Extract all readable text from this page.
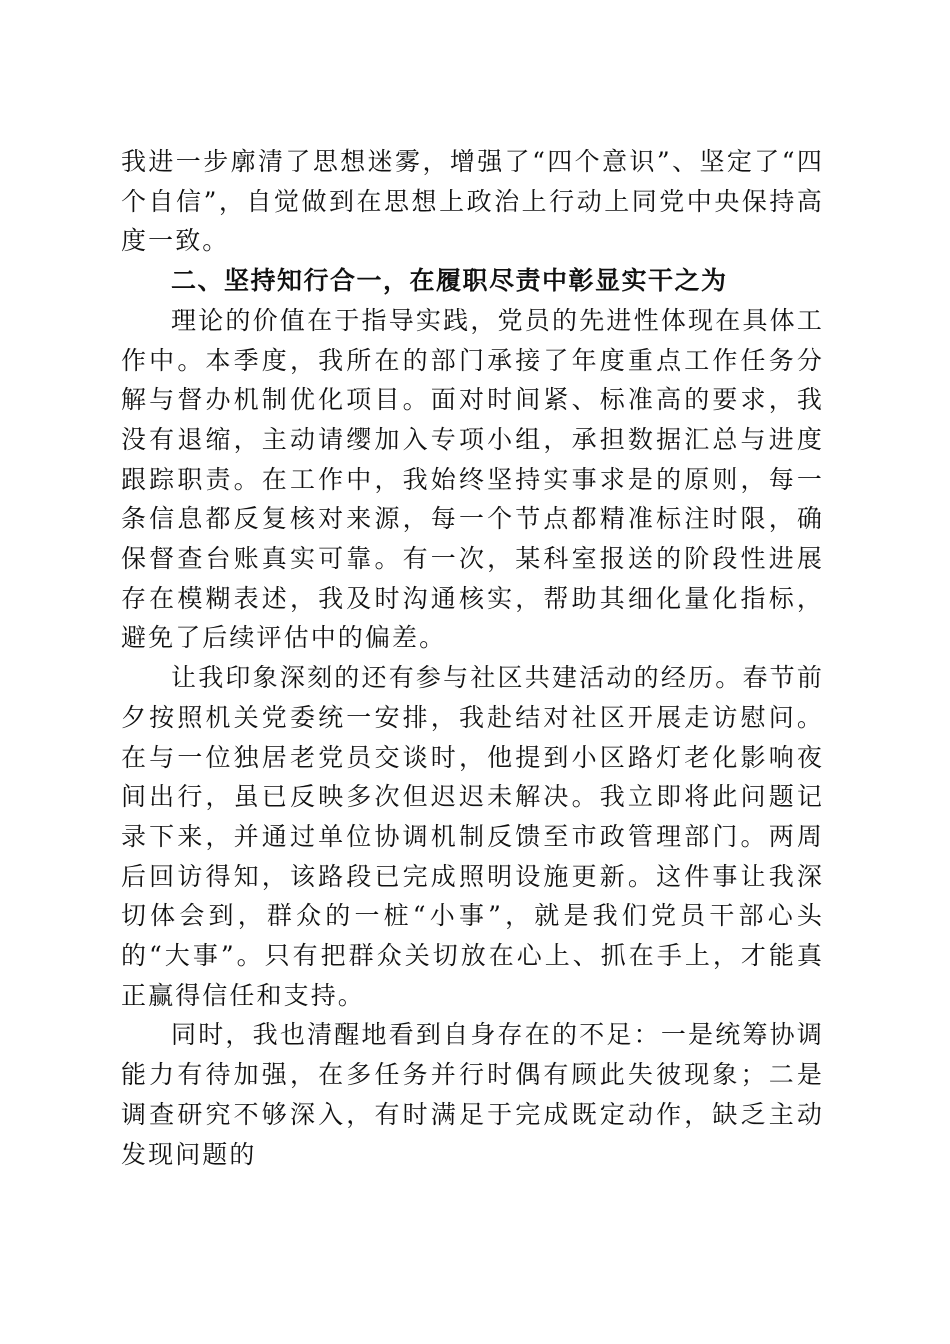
我进一步廓清了思想迷雾，增强了“四个意识”、坚定了“四个自信”，自觉做到在思想上政治上行动上同党中央保持高度一致。

二、坚持知行合一，在履职尽责中彰显实干之为

理论的价值在于指导实践，党员的先进性体现在具体工作中。本季度，我所在的部门承接了年度重点工作任务分解与督办机制优化项目。面对时间紧、标准高的要求，我没有退缩，主动请缨加入专项小组，承担数据汇总与进度跟踪职责。在工作中，我始终坚持实事求是的原则，每一条信息都反复核对来源，每一个节点都精准标注时限，确保督查台账真实可靠。有一次，某科室报送的阶段性进展存在模糊表述，我及时沟通核实，帮助其细化量化指标，避免了后续评估中的偏差。

让我印象深刻的还有参与社区共建活动的经历。春节前夕按照机关党委统一安排，我赴结对社区开展走访慰问。在与一位独居老党员交谈时，他提到小区路灯老化影响夜间出行，虽已反映多次但迟迟未解决。我立即将此问题记录下来，并通过单位协调机制反馈至市政管理部门。两周后回访得知，该路段已完成照明设施更新。这件事让我深切体会到，群众的一桩“小事”，就是我们党员干部心头的“大事”。只有把群众关切放在心上、抓在手上，才能真正赢得信任和支持。

同时，我也清醒地看到自身存在的不足：一是统筹协调能力有待加强，在多任务并行时偶有顾此失彼现象；二是调查研究不够深入，有时满足于完成既定动作，缺乏主动发现问题的
